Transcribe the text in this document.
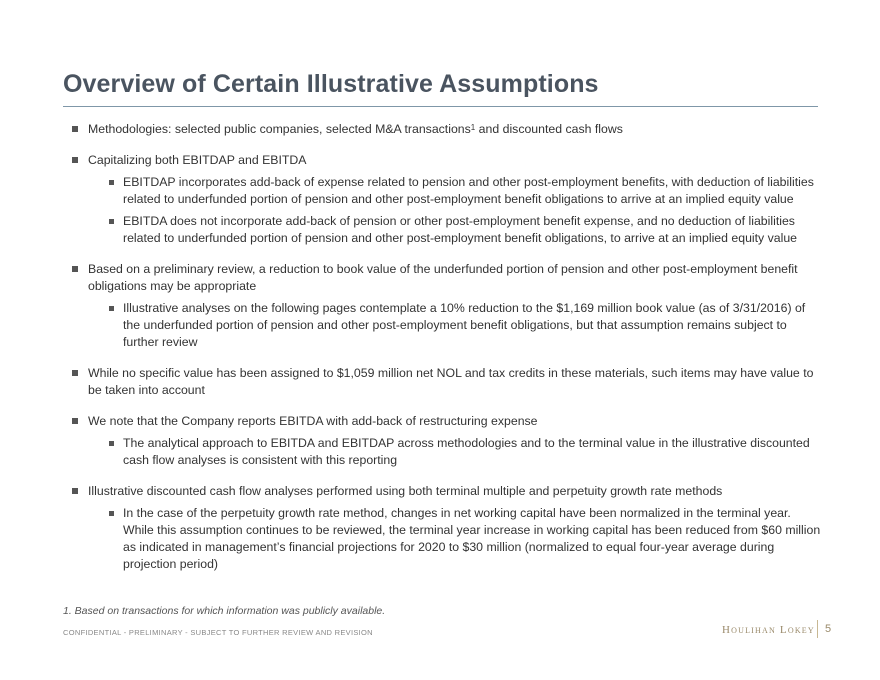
Overview of Certain Illustrative Assumptions
Methodologies: selected public companies, selected M&A transactions$^1$ and discounted cash flows
Capitalizing both EBITDAP and EBITDA
EBITDAP incorporates add-back of expense related to pension and other post-employment benefits, with deduction of liabilities related to underfunded portion of pension and other post-employment benefit obligations to arrive at an implied equity value
EBITDA does not incorporate add-back of pension or other post-employment benefit expense, and no deduction of liabilities related to underfunded portion of pension and other post-employment benefit obligations, to arrive at an implied equity value
Based on a preliminary review, a reduction to book value of the underfunded portion of pension and other post-employment benefit obligations may be appropriate
Illustrative analyses on the following pages contemplate a 10% reduction to the $1,169 million book value (as of 3/31/2016) of the underfunded portion of pension and other post-employment benefit obligations, but that assumption remains subject to further review
While no specific value has been assigned to $1,059 million net NOL and tax credits in these materials, such items may have value to be taken into account
We note that the Company reports EBITDA with add-back of restructuring expense
The analytical approach to EBITDA and EBITDAP across methodologies and to the terminal value in the illustrative discounted cash flow analyses is consistent with this reporting
Illustrative discounted cash flow analyses performed using both terminal multiple and perpetuity growth rate methods
In the case of the perpetuity growth rate method, changes in net working capital have been normalized in the terminal year. While this assumption continues to be reviewed, the terminal year increase in working capital has been reduced from $60 million as indicated in management’s financial projections for 2020 to $30 million (normalized to equal four-year average during projection period)
1. Based on transactions for which information was publicly available.
CONFIDENTIAL - PRELIMINARY - SUBJECT TO FURTHER REVIEW AND REVISION	Houlihan Lokey 5
